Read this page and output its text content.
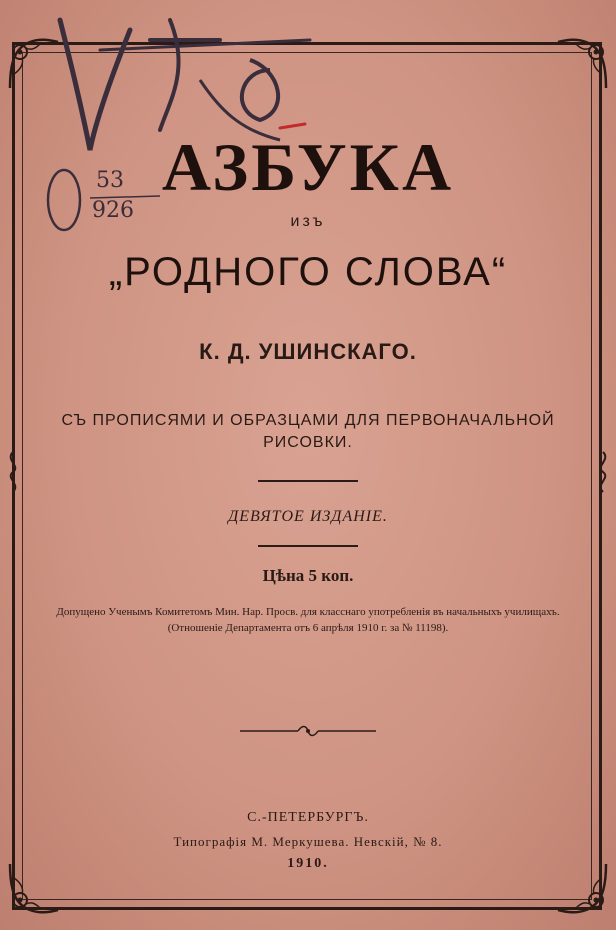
53
926
АЗБУКА
изъ
„РОДНОГО СЛОВА“
К. Д. УШИНСКАГО.
СЪ ПРОПИСЯМИ И ОБРАЗЦАМИ ДЛЯ ПЕРВОНАЧАЛЬНОЙ РИСОВКИ.
ДЕВЯТОЕ ИЗДАНІЕ.
Цѣна 5 коп.
Допущено Ученымъ Комитетомъ Мин. Нар. Просв. для класснаго употребленія въ начальныхъ училищахъ. (Отношеніе Департамента отъ 6 апрѣля 1910 г. за № 11198).
С.-ПЕТЕРБУРГЪ.
Типографія М. Меркушева. Невскій, № 8.
1910.
